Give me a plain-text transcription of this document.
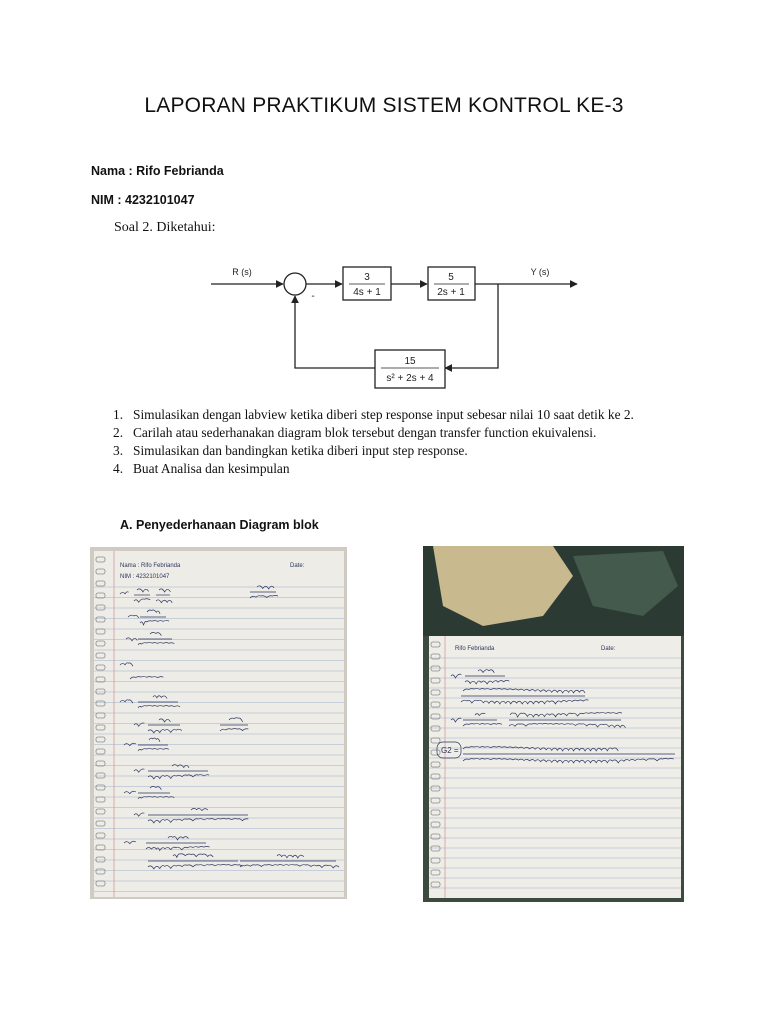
LAPORAN PRAKTIKUM SISTEM KONTROL KE-3
Nama : Rifo Febrianda
NIM : 4232101047
Soal 2. Diketahui:
R (s)	Y (s)
-
3
4s + 1
5
2s + 1
15
s² + 2s + 4
1. Simulasikan dengan labview ketika diberi step response input sebesar nilai 10 saat detik ke 2.
2. Carilah atau sederhanakan diagram blok tersebut dengan transfer function ekuivalensi.
3. Simulasikan dan bandingkan ketika diberi input step response.
4. Buat Analisa dan kesimpulan
A. Penyederhanaan Diagram blok
Nama : Rifo Febrianda	Date:
NIM : 4232101047
Rifo Febrianda	Date:
G2 =
